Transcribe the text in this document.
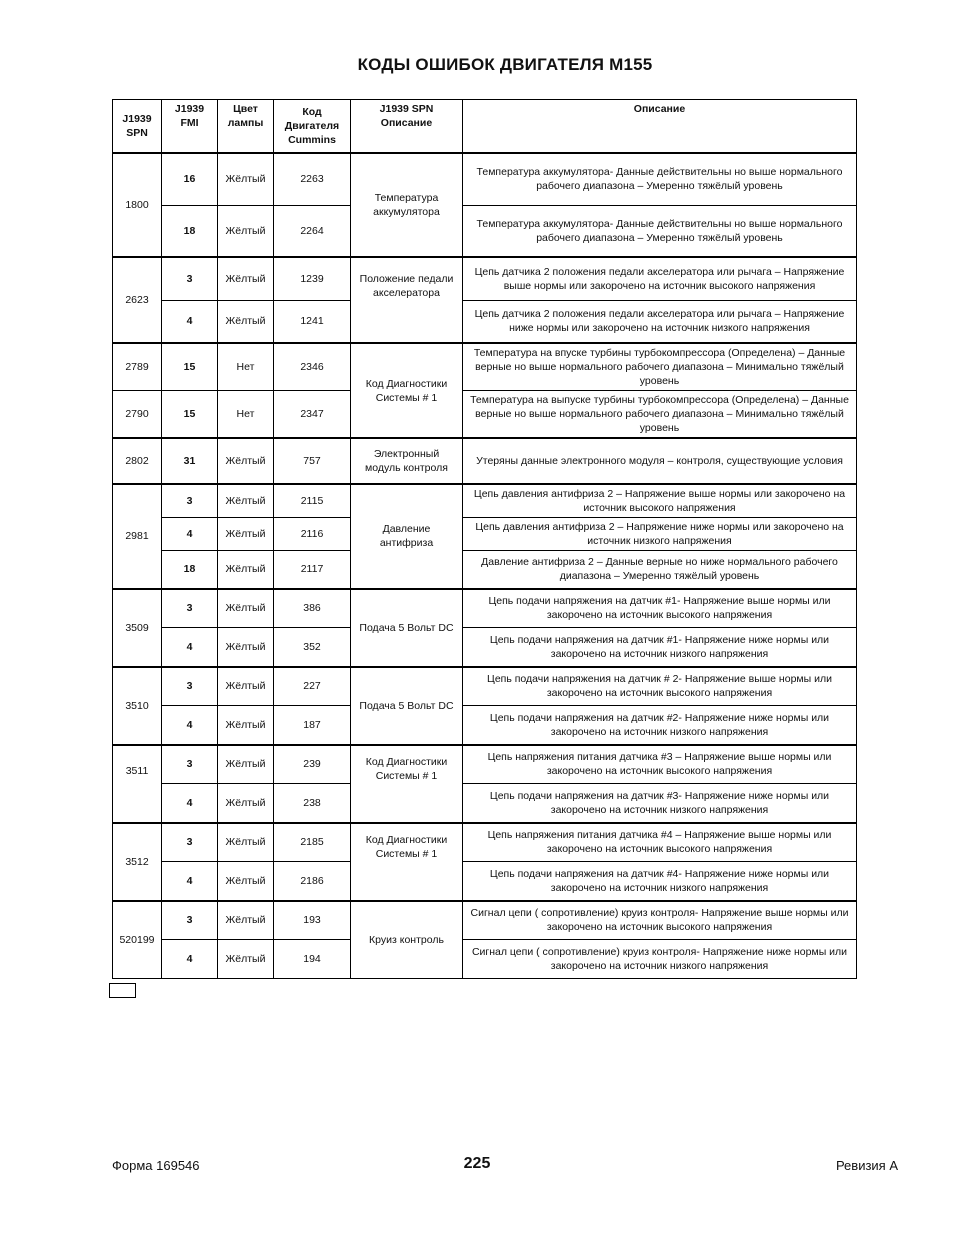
КОДЫ ОШИБОК ДВИГАТЕЛЯ M155
J1939 SPN	J1939 FMI	Цвет лампы	Код Двигателя Cummins	J1939 SPN Описание	Описание
1800	16	Жёлтый	2263	Температура аккумулятора	Температура аккумулятора- Данные действительны но выше нормального рабочего диапазона – Умеренно тяжёлый уровень
	18	Жёлтый	2264		Температура аккумулятора- Данные действительны но выше нормального рабочего диапазона – Умеренно тяжёлый уровень
2623	3	Жёлтый	1239	Положение педали акселератора	Цепь датчика 2 положения педали акселератора или рычага – Напряжение выше нормы или закорочено на источник высокого напряжения
	4	Жёлтый	1241		Цепь датчика 2 положения педали акселератора или рычага – Напряжение ниже нормы или закорочено на источник низкого напряжения
2789	15	Нет	2346	Код Диагностики Системы # 1	Температура на впуске турбины турбокомпрессора (Определена) – Данные верные но выше нормального рабочего диапазона – Минимально тяжёлый уровень
2790	15	Нет	2347		Температура на выпуске турбины турбокомпрессора (Определена) – Данные верные но выше нормального рабочего диапазона – Минимально тяжёлый уровень
2802	31	Жёлтый	757	Электронный модуль контроля	Утеряны данные электронного модуля – контроля, существующие условия
2981	3	Жёлтый	2115	Давление антифриза	Цепь давления антифриза 2 – Напряжение выше нормы или закорочено на источник высокого напряжения
	4	Жёлтый	2116		Цепь давления антифриза 2 – Напряжение ниже нормы или закорочено на источник низкого напряжения
	18	Жёлтый	2117		Давление антифриза 2 – Данные верные но ниже нормального рабочего диапазона – Умеренно тяжёлый уровень
3509	3	Жёлтый	386	Подача 5 Вольт DC	Цепь подачи напряжения на датчик #1- Напряжение выше нормы или закорочено на источник высокого напряжения
	4	Жёлтый	352		Цепь подачи напряжения на датчик #1- Напряжение ниже нормы или закорочено на источник низкого напряжения
3510	3	Жёлтый	227	Подача 5 Вольт DC	Цепь подачи напряжения на датчик # 2- Напряжение выше нормы или закорочено на источник высокого напряжения
	4	Жёлтый	187		Цепь подачи напряжения на датчик #2- Напряжение ниже нормы или закорочено на источник низкого напряжения
3511	3	Жёлтый	239	Код Диагностики Системы # 1	Цепь напряжения питания датчика #3 – Напряжение выше нормы или закорочено на источник высокого напряжения
	4	Жёлтый	238		Цепь подачи напряжения на датчик #3- Напряжение ниже нормы или закорочено на источник низкого напряжения
3512	3	Жёлтый	2185	Код Диагностики Системы # 1	Цепь напряжения питания датчика #4 – Напряжение выше нормы или закорочено на источник высокого напряжения
	4	Жёлтый	2186		Цепь подачи напряжения на датчик #4- Напряжение ниже нормы или закорочено на источник низкого напряжения
520199	3	Жёлтый	193	Круиз контроль	Сигнал цепи ( сопротивление) круиз контроля- Напряжение выше нормы или закорочено на источник высокого напряжения
	4	Жёлтый	194		Сигнал цепи ( сопротивление) круиз контроля- Напряжение ниже нормы или закорочено на источник низкого напряжения
Форма 169546	225	Ревизия A
